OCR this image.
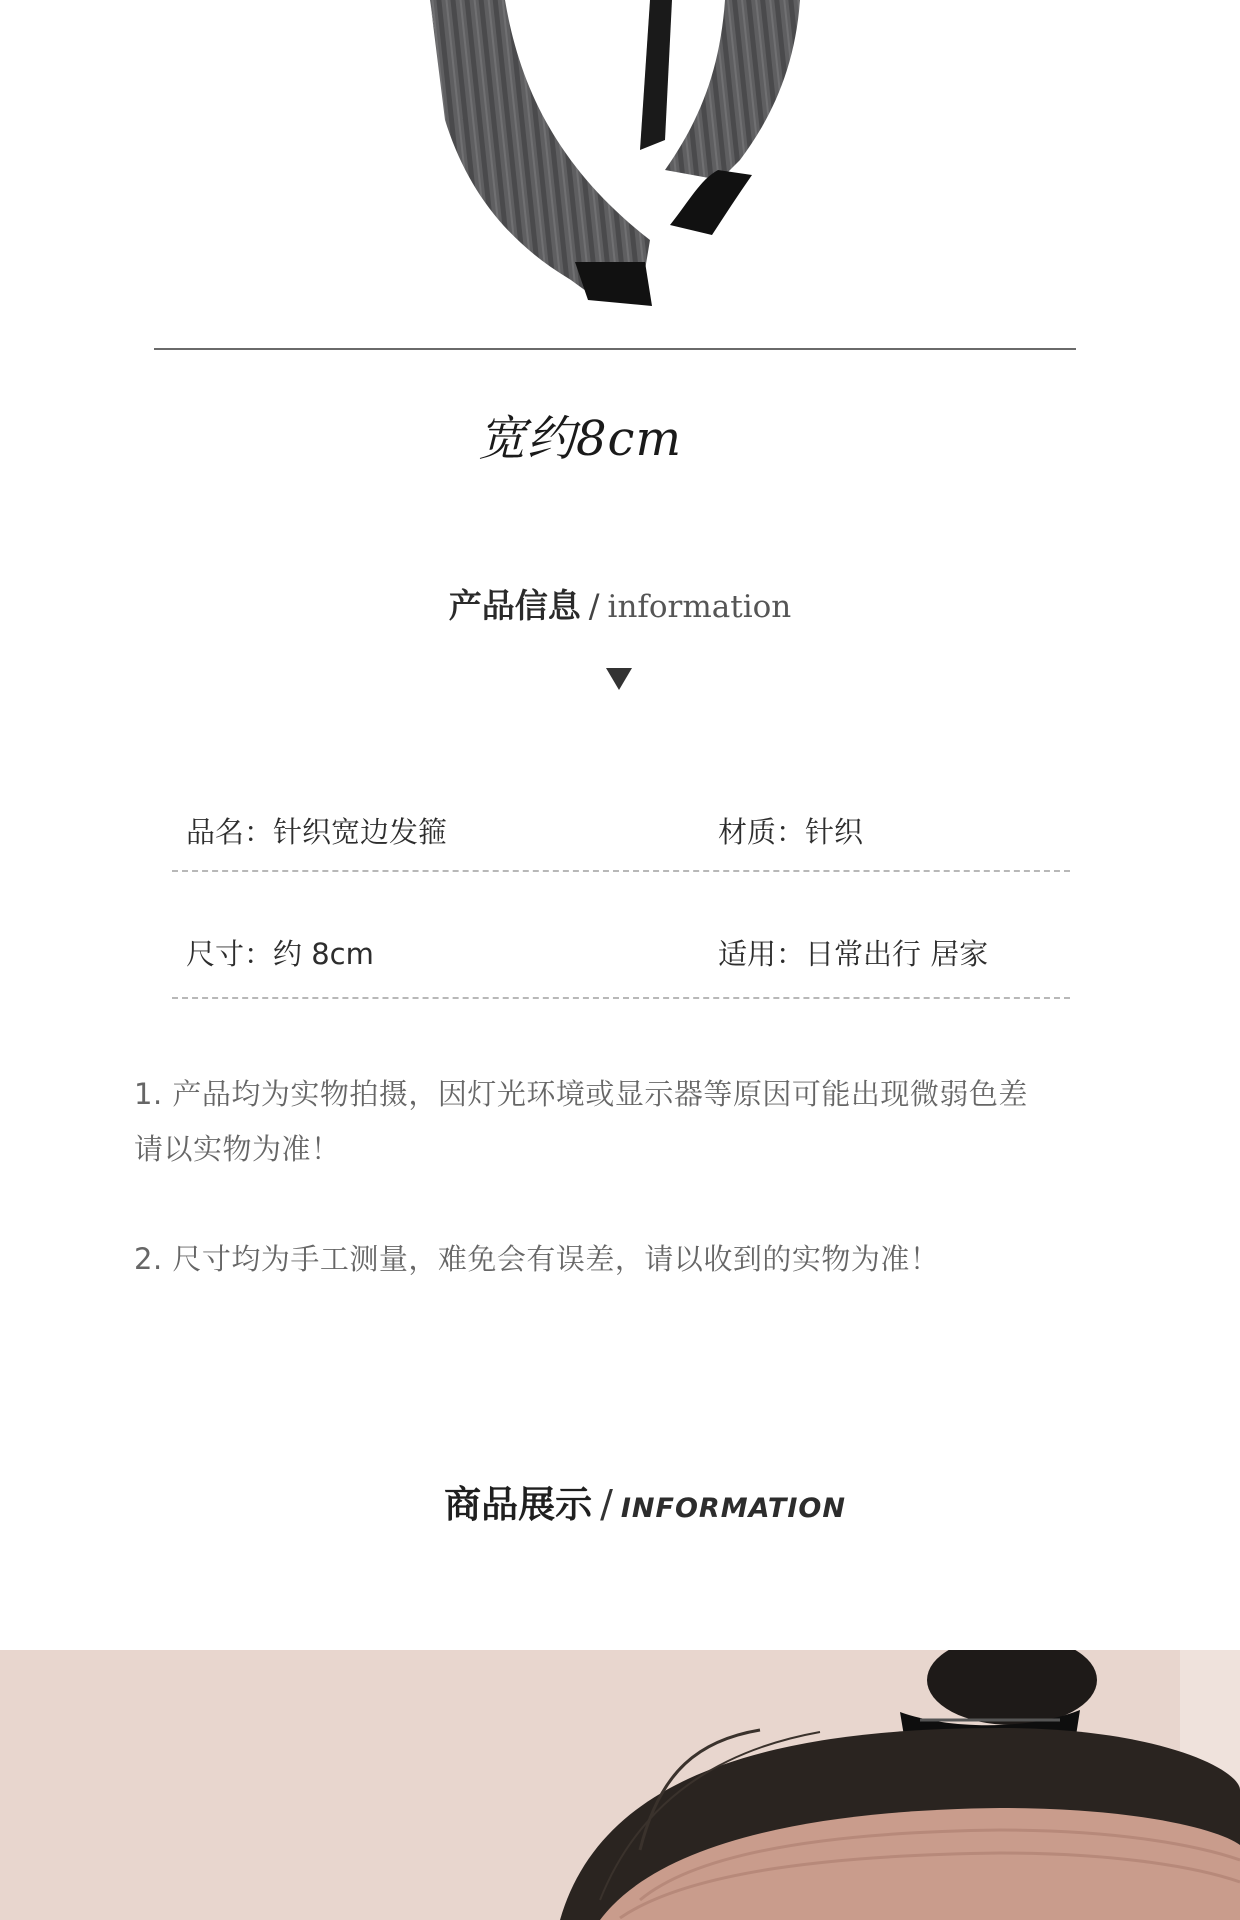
宽约8cm
产品信息 / information
品名：针织宽边发箍	材质：针织
尺寸：约 8cm	适用：日常出行 居家
1. 产品均为实物拍摄，因灯光环境或显示器等原因可能出现微弱色差
请以实物为准！
2. 尺寸均为手工测量，难免会有误差，请以收到的实物为准！
商品展示 / INFORMATION
